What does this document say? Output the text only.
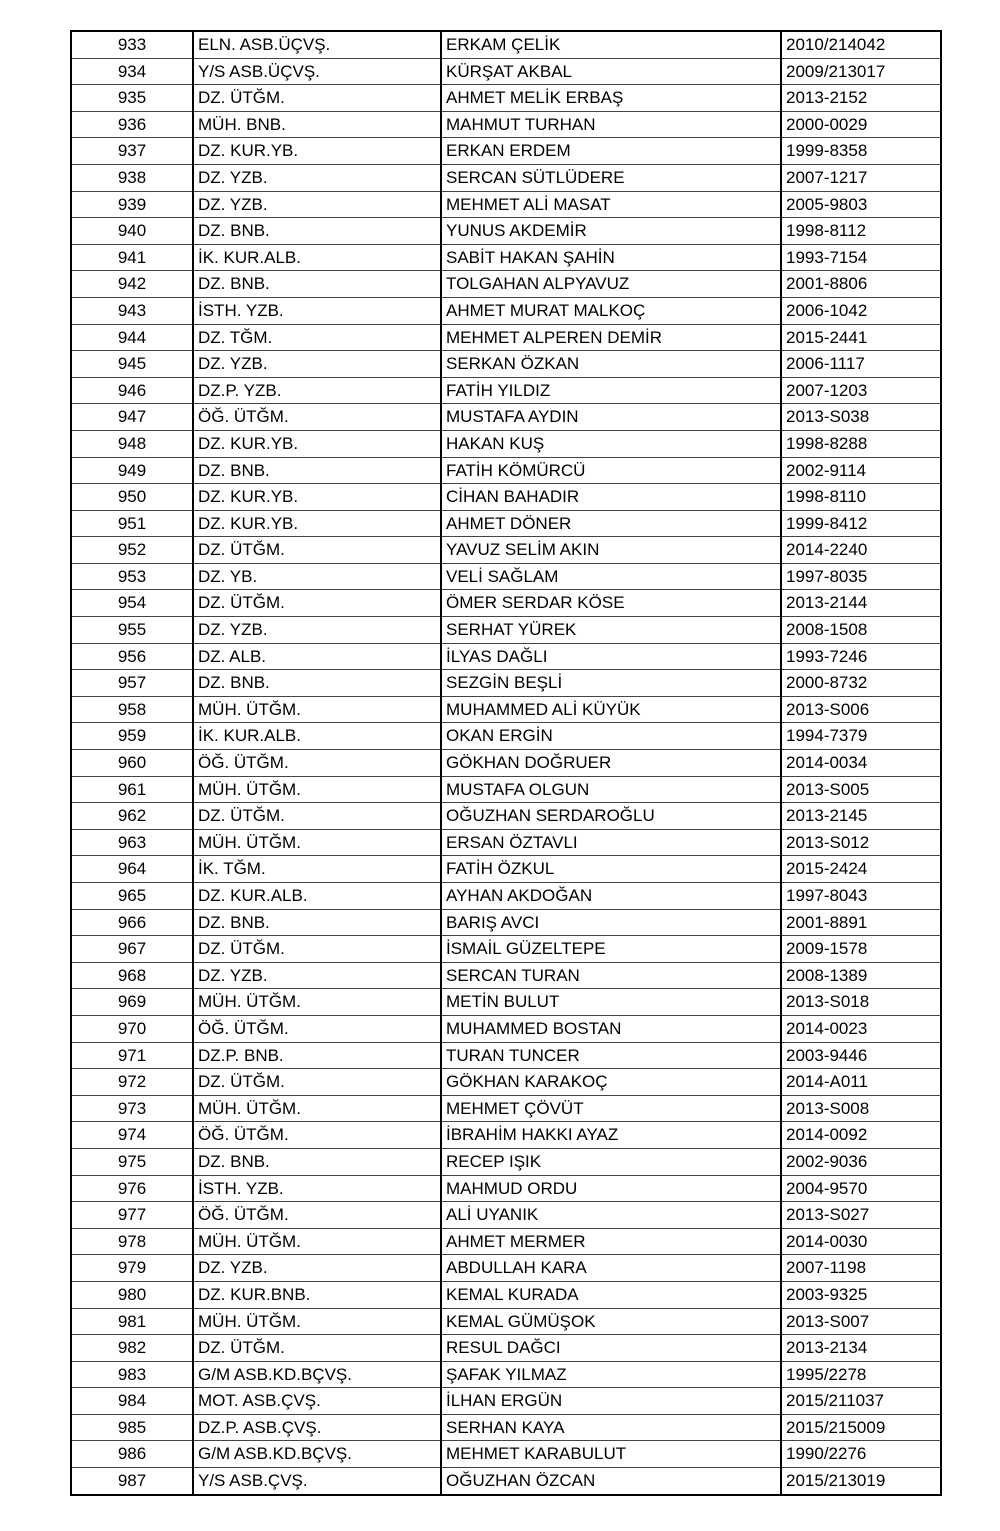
933	ELN. ASB.ÜÇVŞ.	ERKAM ÇELİK	2010/214042
934	Y/S ASB.ÜÇVŞ.	KÜRŞAT AKBAL	2009/213017
935	DZ. ÜTĞM.	AHMET MELİK ERBAŞ	2013-2152
936	MÜH. BNB.	MAHMUT TURHAN	2000-0029
937	DZ. KUR.YB.	ERKAN ERDEM	1999-8358
938	DZ. YZB.	SERCAN SÜTLÜDERE	2007-1217
939	DZ. YZB.	MEHMET ALİ MASAT	2005-9803
940	DZ. BNB.	YUNUS AKDEMİR	1998-8112
941	İK. KUR.ALB.	SABİT HAKAN ŞAHİN	1993-7154
942	DZ. BNB.	TOLGAHAN ALPYAVUZ	2001-8806
943	İSTH. YZB.	AHMET MURAT MALKOÇ	2006-1042
944	DZ. TĞM.	MEHMET ALPEREN DEMİR	2015-2441
945	DZ. YZB.	SERKAN ÖZKAN	2006-1117
946	DZ.P. YZB.	FATİH YILDIZ	2007-1203
947	ÖĞ. ÜTĞM.	MUSTAFA AYDIN	2013-S038
948	DZ. KUR.YB.	HAKAN KUŞ	1998-8288
949	DZ. BNB.	FATİH KÖMÜRCÜ	2002-9114
950	DZ. KUR.YB.	CİHAN BAHADIR	1998-8110
951	DZ. KUR.YB.	AHMET DÖNER	1999-8412
952	DZ. ÜTĞM.	YAVUZ SELİM AKIN	2014-2240
953	DZ. YB.	VELİ SAĞLAM	1997-8035
954	DZ. ÜTĞM.	ÖMER SERDAR KÖSE	2013-2144
955	DZ. YZB.	SERHAT YÜREK	2008-1508
956	DZ. ALB.	İLYAS DAĞLI	1993-7246
957	DZ. BNB.	SEZGİN BEŞLİ	2000-8732
958	MÜH. ÜTĞM.	MUHAMMED ALİ KÜYÜK	2013-S006
959	İK. KUR.ALB.	OKAN ERGİN	1994-7379
960	ÖĞ. ÜTĞM.	GÖKHAN DOĞRUER	2014-0034
961	MÜH. ÜTĞM.	MUSTAFA OLGUN	2013-S005
962	DZ. ÜTĞM.	OĞUZHAN SERDAROĞLU	2013-2145
963	MÜH. ÜTĞM.	ERSAN ÖZTAVLI	2013-S012
964	İK. TĞM.	FATİH ÖZKUL	2015-2424
965	DZ. KUR.ALB.	AYHAN AKDOĞAN	1997-8043
966	DZ. BNB.	BARIŞ AVCI	2001-8891
967	DZ. ÜTĞM.	İSMAİL GÜZELTEPE	2009-1578
968	DZ. YZB.	SERCAN TURAN	2008-1389
969	MÜH. ÜTĞM.	METİN BULUT	2013-S018
970	ÖĞ. ÜTĞM.	MUHAMMED BOSTAN	2014-0023
971	DZ.P. BNB.	TURAN TUNCER	2003-9446
972	DZ. ÜTĞM.	GÖKHAN KARAKOÇ	2014-A011
973	MÜH. ÜTĞM.	MEHMET ÇÖVÜT	2013-S008
974	ÖĞ. ÜTĞM.	İBRAHİM HAKKI AYAZ	2014-0092
975	DZ. BNB.	RECEP IŞIK	2002-9036
976	İSTH. YZB.	MAHMUD ORDU	2004-9570
977	ÖĞ. ÜTĞM.	ALİ UYANIK	2013-S027
978	MÜH. ÜTĞM.	AHMET MERMER	2014-0030
979	DZ. YZB.	ABDULLAH KARA	2007-1198
980	DZ. KUR.BNB.	KEMAL KURADA	2003-9325
981	MÜH. ÜTĞM.	KEMAL GÜMÜŞOK	2013-S007
982	DZ. ÜTĞM.	RESUL DAĞCI	2013-2134
983	G/M ASB.KD.BÇVŞ.	ŞAFAK YILMAZ	1995/2278
984	MOT. ASB.ÇVŞ.	İLHAN ERGÜN	2015/211037
985	DZ.P. ASB.ÇVŞ.	SERHAN KAYA	2015/215009
986	G/M ASB.KD.BÇVŞ.	MEHMET KARABULUT	1990/2276
987	Y/S ASB.ÇVŞ.	OĞUZHAN ÖZCAN	2015/213019
